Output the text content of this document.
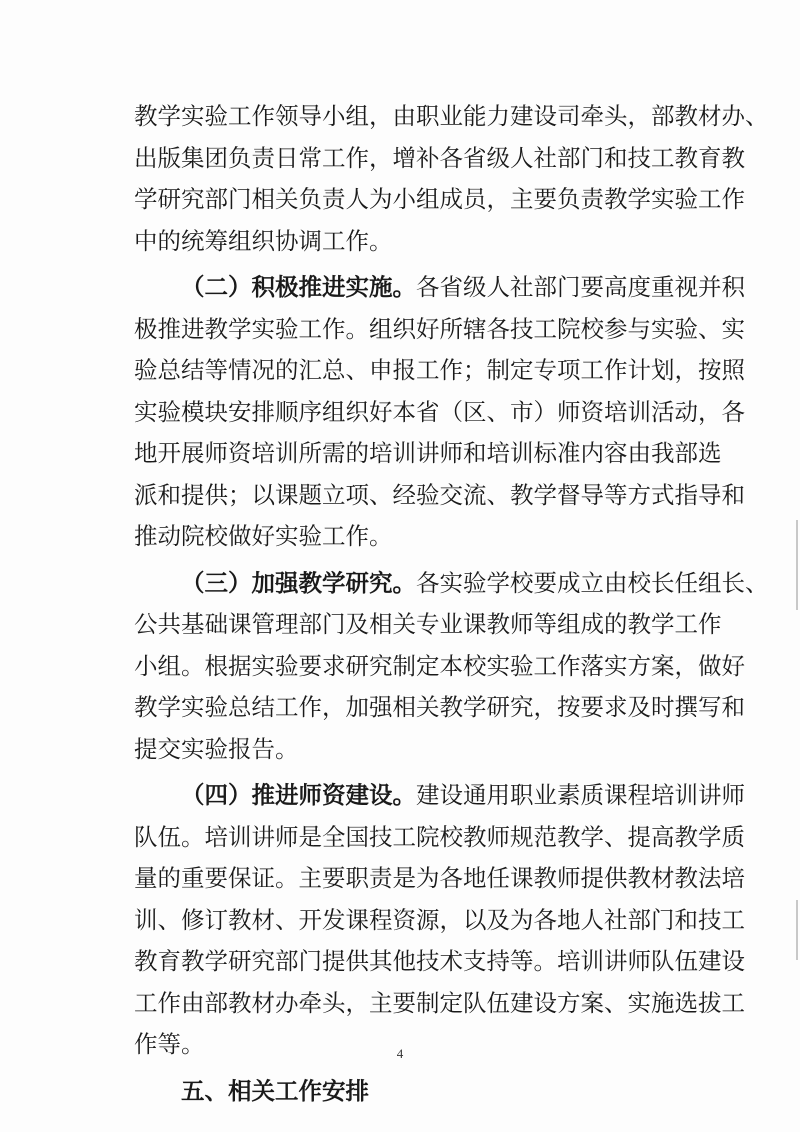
教学实验工作领导小组，由职业能力建设司牵头，部教材办、
出版集团负责日常工作，增补各省级人社部门和技工教育教
学研究部门相关负责人为小组成员，主要负责教学实验工作
中的统筹组织协调工作。
（二）积极推进实施。各省级人社部门要高度重视并积
极推进教学实验工作。组织好所辖各技工院校参与实验、实
验总结等情况的汇总、申报工作；制定专项工作计划，按照
实验模块安排顺序组织好本省（区、市）师资培训活动，各
地开展师资培训所需的培训讲师和培训标准内容由我部选
派和提供；以课题立项、经验交流、教学督导等方式指导和
推动院校做好实验工作。
（三）加强教学研究。各实验学校要成立由校长任组长、
公共基础课管理部门及相关专业课教师等组成的教学工作
小组。根据实验要求研究制定本校实验工作落实方案，做好
教学实验总结工作，加强相关教学研究，按要求及时撰写和
提交实验报告。
（四）推进师资建设。建设通用职业素质课程培训讲师
队伍。培训讲师是全国技工院校教师规范教学、提高教学质
量的重要保证。主要职责是为各地任课教师提供教材教法培
训、修订教材、开发课程资源，以及为各地人社部门和技工
教育教学研究部门提供其他技术支持等。培训讲师队伍建设
工作由部教材办牵头，主要制定队伍建设方案、实施选拔工
作等。
五、相关工作安排
4
